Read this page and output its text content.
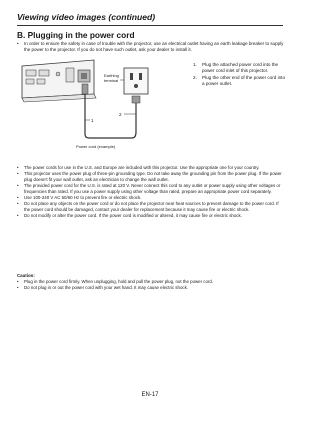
Viewing video images (continued)
B. Plugging in the power cord
•	In order to ensure the safety in case of trouble with the projector, use an electrical outlet having an earth leakage breaker to supply the power to the projector. If you do not have such outlet, ask your dealer to install it.
Earthing
terminal
1
2
Power cord (example)
1.	Plug the attached power cord into the power cord inlet of this projector.
2.	Plug the other end of the power cord into a power outlet.
•	The power cords for use in the U.S. and Europe are included with this projector. Use the appropriate one for your country.
•	This projector uses the power plug of three-pin grounding type. Do not take away the grounding pin from the power plug. If the power plug doesn't fit your wall outlet, ask an electrician to change the wall outlet.
•	The provided power cord for the U.S. is rated at 120 V. Never connect this cord to any outlet or power supply using other voltages or frequencies than rated. If you use a power supply using other voltage than rated, prepare an appropriate power cord separately.
•	Use 100-240 V AC 50/60 Hz to prevent fire or electric shock.
•	Do not place any objects on the power cord or do not place the projector near heat sources to prevent damage to the power cord. If the power cord should be damaged, contact your dealer for replacement because it may cause fire or electric shock.
•	Do not modify or alter the power cord. If the power cord is modified or altered, it may cause fire or electric shock.
Caution:
•	Plug in the power cord firmly. When unplugging, hold and pull the power plug, not the power cord.
•	Do not plug in or out the power cord with your wet hand. It may cause electric shock.
EN-17
